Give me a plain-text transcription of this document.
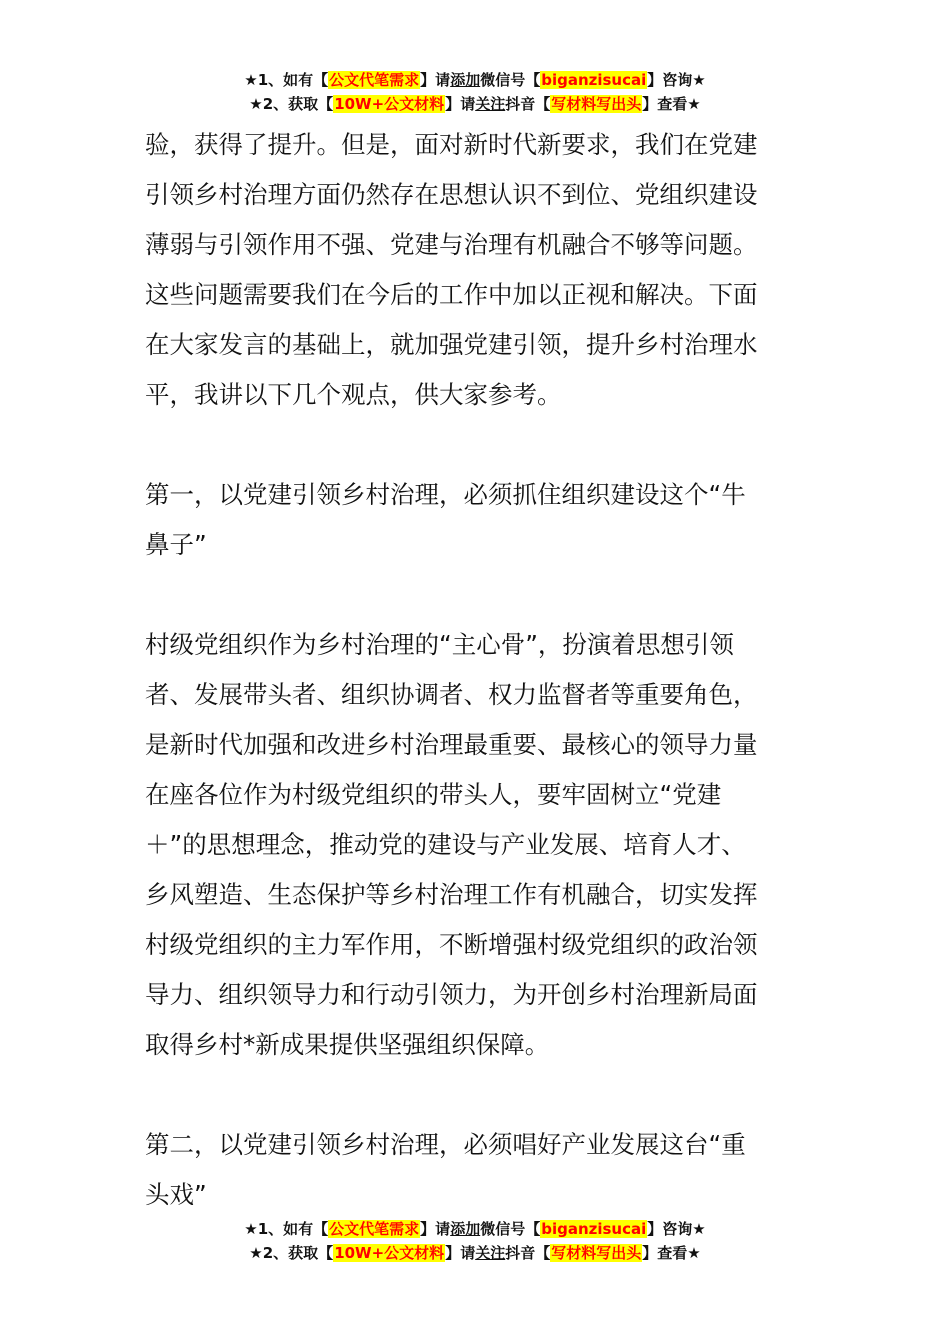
★1、如有【公文代笔需求】请添加微信号【biganzisucai】咨询★
★2、获取【10W+公文材料】请关注抖音【写材料写出头】查看★
验，获得了提升。但是，面对新时代新要求，我们在党建
引领乡村治理方面仍然存在思想认识不到位、党组织建设
薄弱与引领作用不强、党建与治理有机融合不够等问题。
这些问题需要我们在今后的工作中加以正视和解决。下面
在大家发言的基础上，就加强党建引领，提升乡村治理水
平，我讲以下几个观点，供大家参考。
第一，以党建引领乡村治理，必须抓住组织建设这个“牛
鼻子”
村级党组织作为乡村治理的“主心骨”，扮演着思想引领
者、发展带头者、组织协调者、权力监督者等重要角色，
是新时代加强和改进乡村治理最重要、最核心的领导力量
在座各位作为村级党组织的带头人，要牢固树立“党建
＋”的思想理念，推动党的建设与产业发展、培育人才、
乡风塑造、生态保护等乡村治理工作有机融合，切实发挥
村级党组织的主力军作用，不断增强村级党组织的政治领
导力、组织领导力和行动引领力，为开创乡村治理新局面
取得乡村*新成果提供坚强组织保障。
第二，以党建引领乡村治理，必须唱好产业发展这台“重
头戏”
★1、如有【公文代笔需求】请添加微信号【biganzisucai】咨询★
★2、获取【10W+公文材料】请关注抖音【写材料写出头】查看★
